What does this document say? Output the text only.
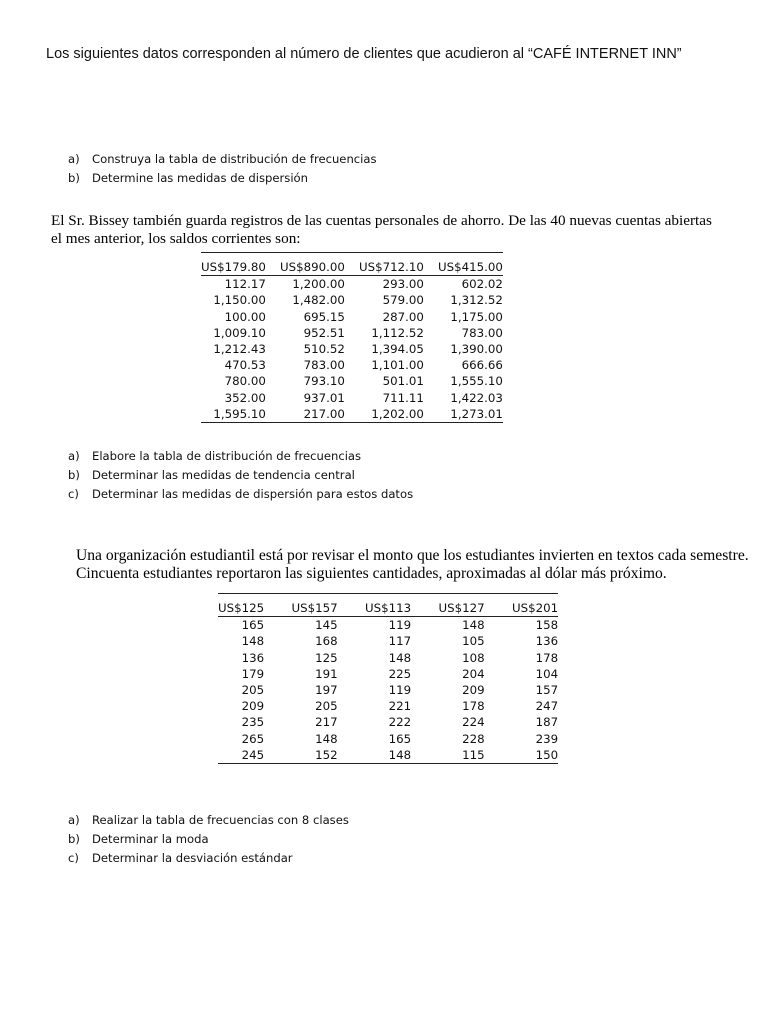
Los siguientes datos corresponden al número de clientes que acudieron al “CAFÉ INTERNET INN”
a)	Construya la tabla de distribución de frecuencias
b)	Determine las medidas de dispersión
El Sr. Bissey también guarda registros de las cuentas personales de ahorro. De las 40 nuevas cuentas abiertas
el mes anterior, los saldos corrientes son:
US$179.80	US$890.00	US$712.10	US$415.00
112.17	1,200.00	293.00	602.02
1,150.00	1,482.00	579.00	1,312.52
100.00	695.15	287.00	1,175.00
1,009.10	952.51	1,112.52	783.00
1,212.43	510.52	1,394.05	1,390.00
470.53	783.00	1,101.00	666.66
780.00	793.10	501.01	1,555.10
352.00	937.01	711.11	1,422.03
1,595.10	217.00	1,202.00	1,273.01
a)	Elabore la tabla de distribución de frecuencias
b)	Determinar las medidas de tendencia central
c)	Determinar las medidas de dispersión para estos datos
Una organización estudiantil está por revisar el monto que los estudiantes invierten en textos cada semestre.
Cincuenta estudiantes reportaron las siguientes cantidades, aproximadas al dólar más próximo.
US$125	US$157	US$113	US$127	US$201
165	145	119	148	158
148	168	117	105	136
136	125	148	108	178
179	191	225	204	104
205	197	119	209	157
209	205	221	178	247
235	217	222	224	187
265	148	165	228	239
245	152	148	115	150
a)	Realizar la tabla de frecuencias con 8 clases
b)	Determinar la moda
c)	Determinar la desviación estándar
